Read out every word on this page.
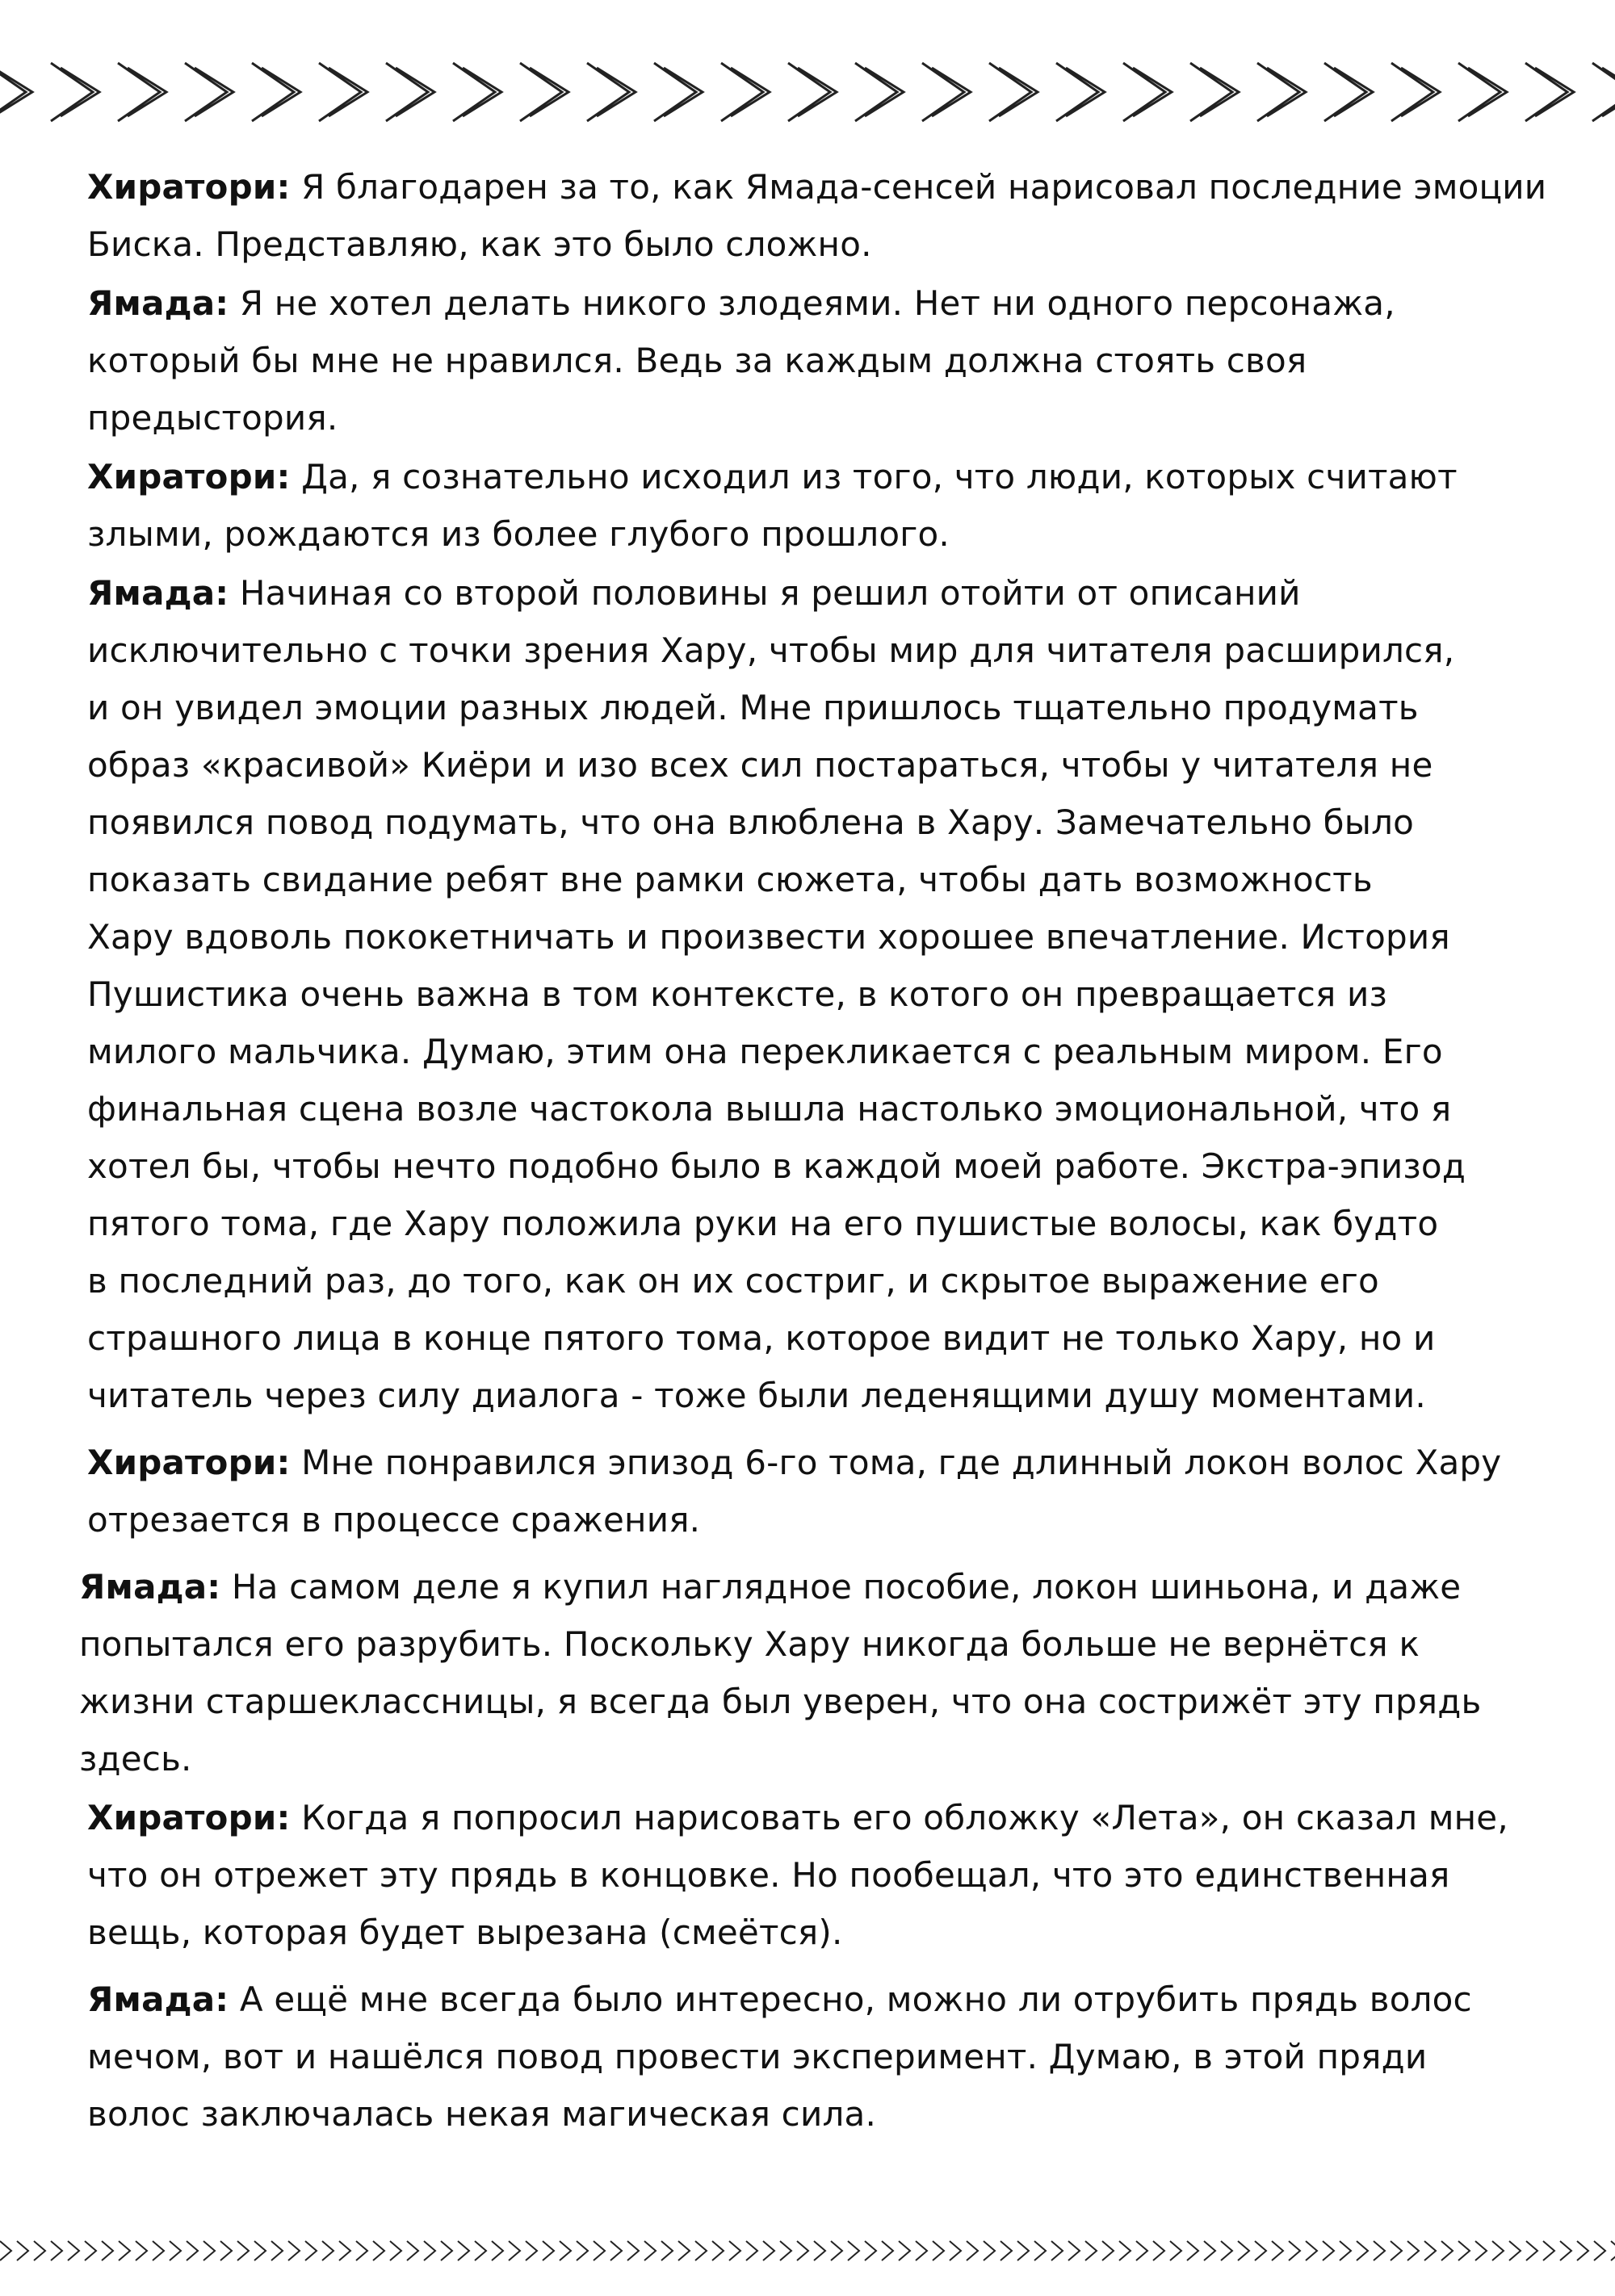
Хиратори: Я благодарен за то, как Ямада-сенсей нарисовал последние эмоции
Биска. Представляю, как это было сложно.

Ямада: Я не хотел делать никого злодеями. Нет ни одного персонажа,
который бы мне не нравился. Ведь за каждым должна стоять своя
предыстория.

Хиратори: Да, я сознательно исходил из того, что люди, которых считают
злыми, рождаются из более глубого прошлого.

Ямада: Начиная со второй половины я решил отойти от описаний
исключительно с точки зрения Хару, чтобы мир для читателя расширился,
и он увидел эмоции разных людей. Мне пришлось тщательно продумать
образ «красивой» Киёри и изо всех сил постараться, чтобы у читателя не
появился повод подумать, что она влюблена в Хару. Замечательно было
показать свидание ребят вне рамки сюжета, чтобы дать возможность
Хару вдоволь пококетничать и произвести хорошее впечатление. История
Пушистика очень важна в том контексте, в котого он превращается из
милого мальчика. Думаю, этим она перекликается с реальным миром. Его
финальная сцена возле частокола вышла настолько эмоциональной, что я
хотел бы, чтобы нечто подобно было в каждой моей работе. Экстра-эпизод
пятого тома, где Хару положила руки на его пушистые волосы, как будто
в последний раз, до того, как он их состриг, и скрытое выражение его
страшного лица в конце пятого тома, которое видит не только Хару, но и
читатель через силу диалога - тоже были леденящими душу моментами.

Хиратори: Мне понравился эпизод 6-го тома, где длинный локон волос Хару
отрезается в процессе сражения.

Ямада: На самом деле я купил наглядное пособие, локон шиньона, и даже
попытался его разрубить. Поскольку Хару никогда больше не вернётся к
жизни старшеклассницы, я всегда был уверен, что она сострижёт эту прядь
здесь.

Хиратори: Когда я попросил нарисовать его обложку «Лета», он сказал мне,
что он отрежет эту прядь в концовке. Но пообещал, что это единственная
вещь, которая будет вырезана (смеётся).

Ямада: А ещё мне всегда было интересно, можно ли отрубить прядь волос
мечом, вот и нашёлся повод провести эксперимент. Думаю, в этой пряди
волос заключалась некая магическая сила.
